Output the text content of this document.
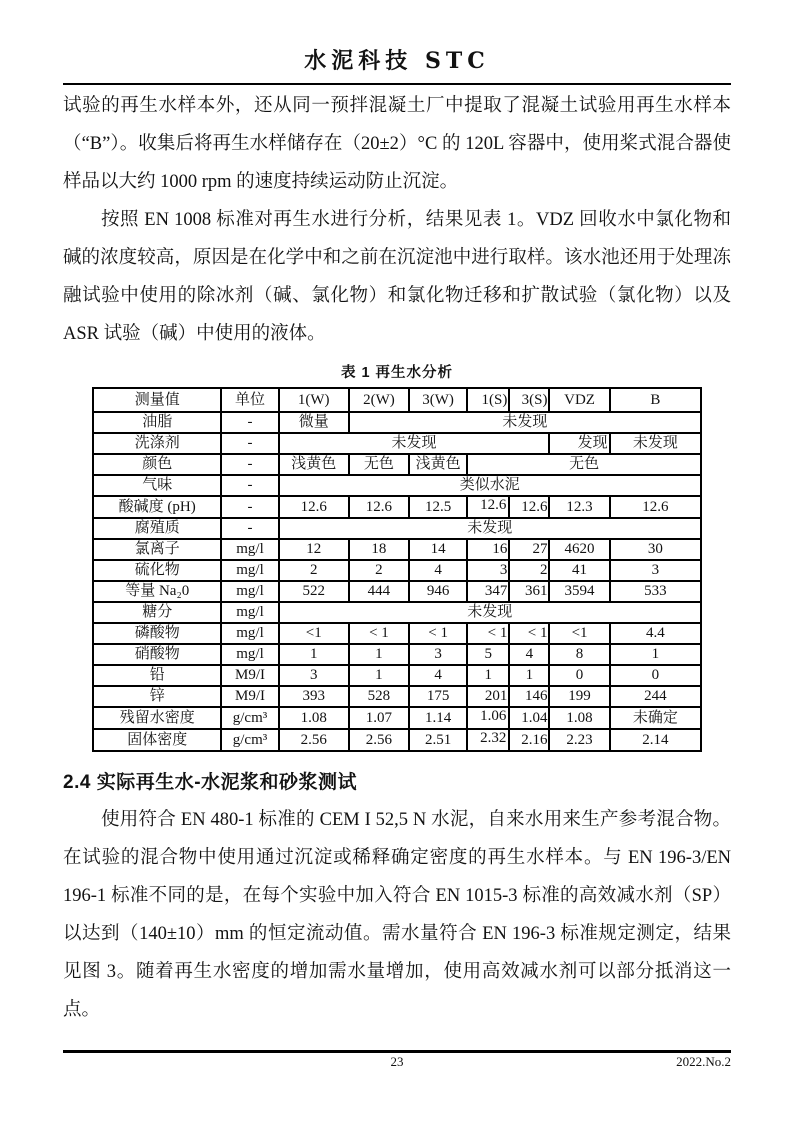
水泥科技 STC

试验的再生水样本外，还从同一预拌混凝土厂中提取了混凝土试验用再生水样本（“B”）。收集后将再生水样储存在（20±2）°C 的 120L 容器中，使用桨式混合器使样品以大约 1000 rpm 的速度持续运动防止沉淀。

按照 EN 1008 标准对再生水进行分析，结果见表 1。VDZ 回收水中氯化物和碱的浓度较高，原因是在化学中和之前在沉淀池中进行取样。该水池还用于处理冻融试验中使用的除冰剂（碱、氯化物）和氯化物迁移和扩散试验（氯化物）以及 ASR 试验（碱）中使用的液体。

表 1 再生水分析
测量值	单位	1(W)	2(W)	3(W)	1(S)	3(S)	VDZ	B
油脂	-	微量	未发现					
洗涤剂	-	未发现					发现	未发现
颜色	-	浅黄色	无色	浅黄色	无色			
气味	-	类似水泥						
酸碱度 (pH)	-	12.6	12.6	12.5	12.6	12.6	12.3	12.6
腐殖质	-	未发现						
氯离子	mg/l	12	18	14	16	27	4620	30
硫化物	mg/l	2	2	4	3	2	41	3
等量 Na₂0	mg/l	522	444	946	347	361	3594	533
糖分	mg/l	未发现						
磷酸物	mg/l	<1	< 1	< 1	< 1	< 1	<1	4.4
硝酸物	mg/l	1	1	3	5	4	8	1
铅	M9/I	3	1	4	1	1	0	0
锌	M9/I	393	528	175	201	146	199	244
残留水密度	g/cm³	1.08	1.07	1.14	1.06	1.04	1.08	未确定
固体密度	g/cm³	2.56	2.56	2.51	2.32	2.16	2.23	2.14
2.4 实际再生水-水泥浆和砂浆测试

使用符合 EN 480-1 标准的 CEM I 52,5 N 水泥，自来水用来生产参考混合物。在试验的混合物中使用通过沉淀或稀释确定密度的再生水样本。与 EN 196-3/EN 196-1 标准不同的是，在每个实验中加入符合 EN 1015-3 标准的高效减水剂（SP）以达到（140±10）mm 的恒定流动值。需水量符合 EN 196-3 标准规定测定，结果见图 3。随着再生水密度的增加需水量增加，使用高效减水剂可以部分抵消这一点。

23	2022.No.2
